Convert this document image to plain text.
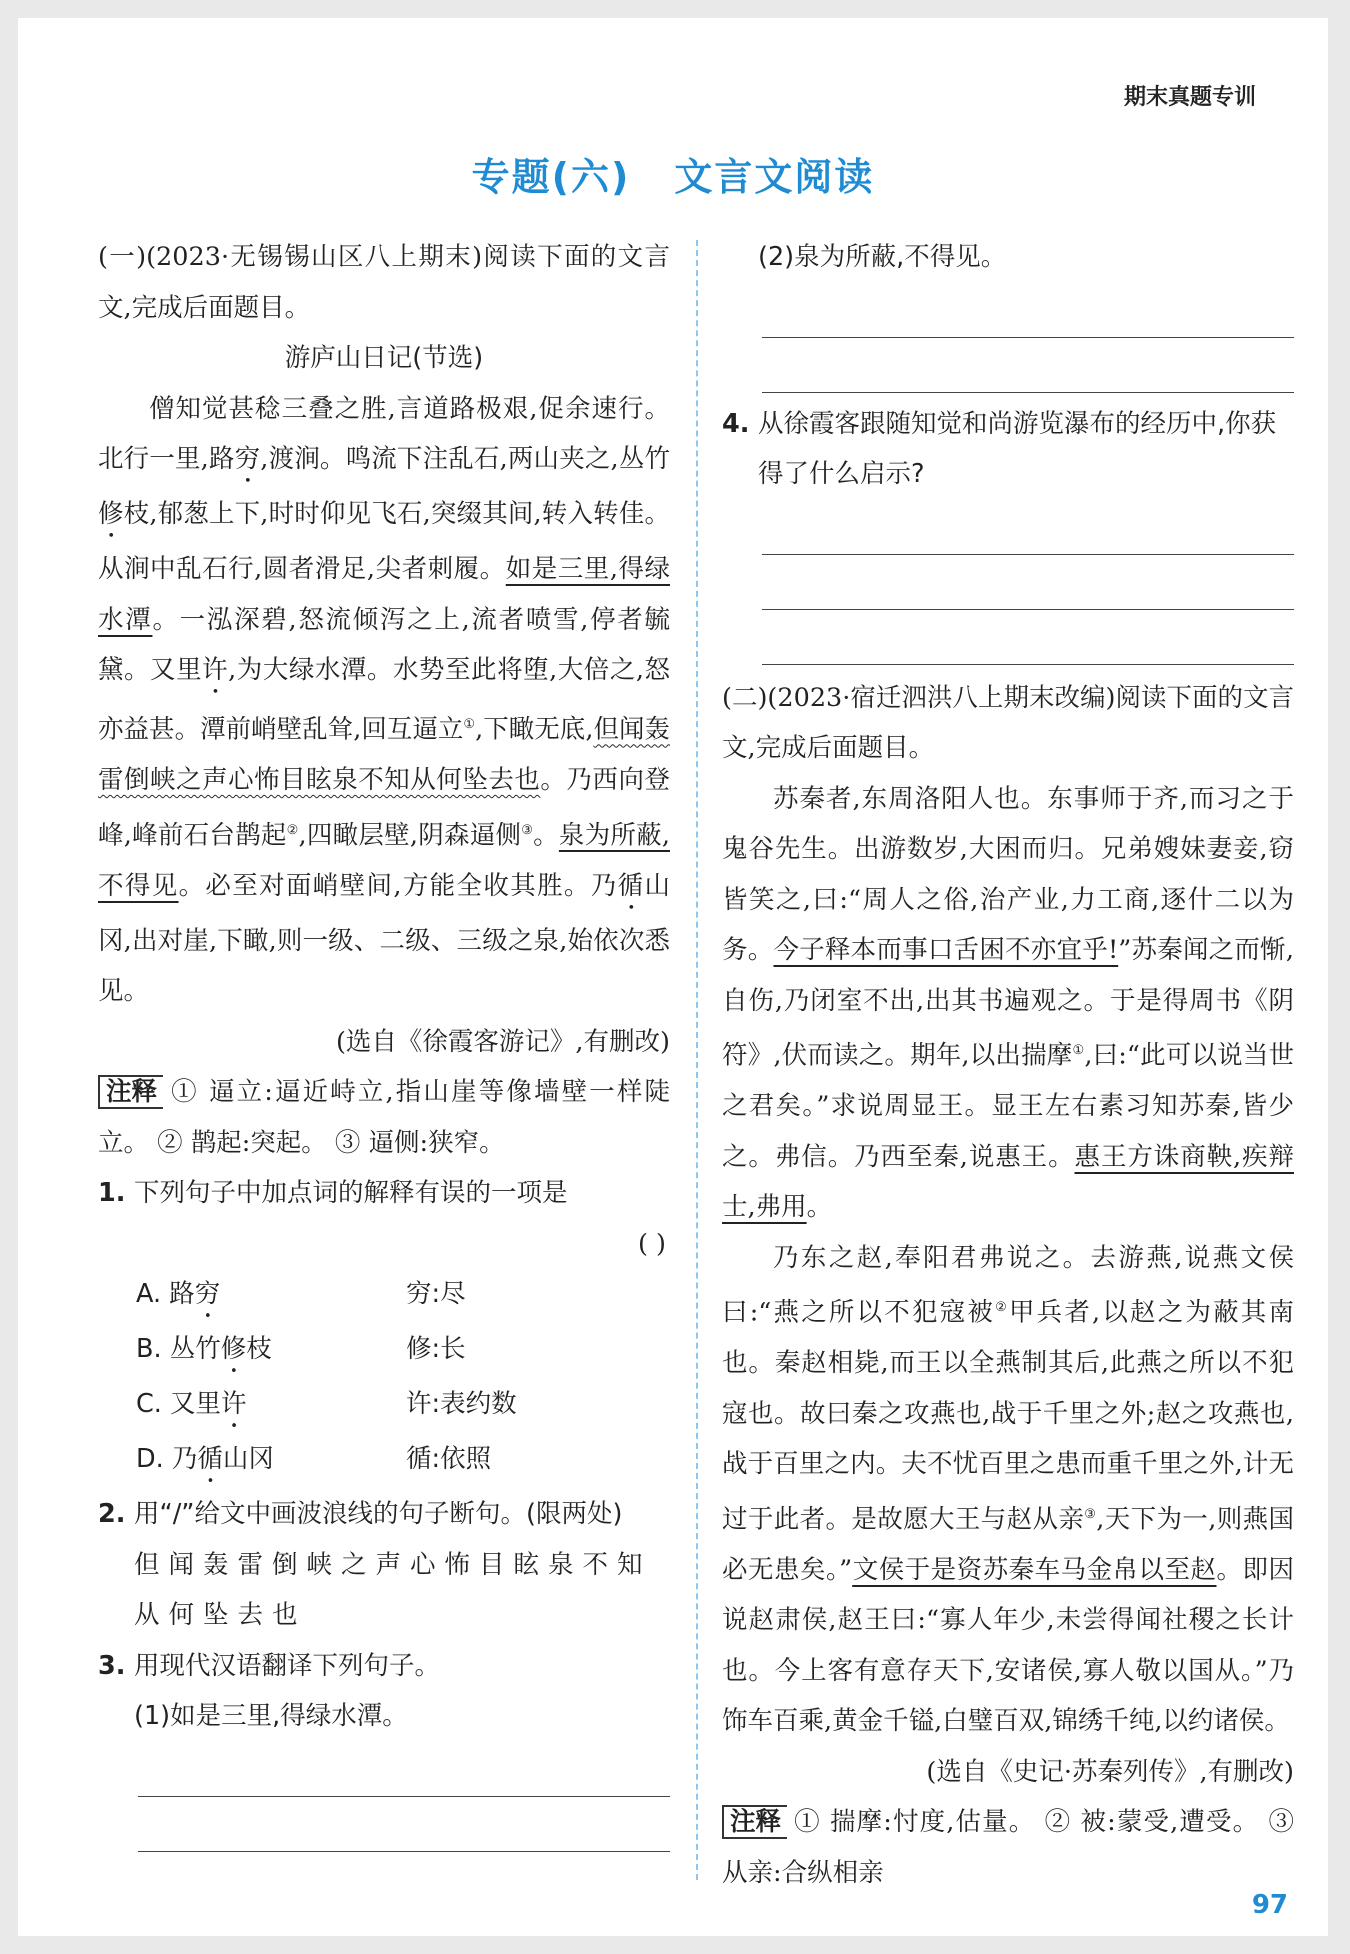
期末真题专训
专题(六) 文言文阅读

(一)(2023·无锡锡山区八上期末)阅读下面的文言文,完成后面题目。

游庐山日记(节选)

僧知觉甚稔三叠之胜,言道路极艰,促余速行。北行一里,路穷,渡涧。鸣流下注乱石,两山夹之,丛竹修枝,郁葱上下,时时仰见飞石,突缀其间,转入转佳。从涧中乱石行,圆者滑足,尖者刺履。如是三里,得绿水潭。一泓深碧,怒流倾泻之上,流者喷雪,停者毓黛。又里许,为大绿水潭。水势至此将堕,大倍之,怒亦益甚。潭前峭壁乱耸,回互逼立①,下瞰无底,但闻轰雷倒峡之声心怖目眩泉不知从何坠去也。乃西向登峰,峰前石台鹊起②,四瞰层壁,阴森逼侧③。泉为所蔽,不得见。必至对面峭壁间,方能全收其胜。乃循山冈,出对崖,下瞰,则一级、二级、三级之泉,始依次悉见。

(选自《徐霞客游记》,有删改)

注释 ① 逼立:逼近峙立,指山崖等像墙壁一样陡立。 ② 鹊起:突起。 ③ 逼侧:狭窄。

1. 下列句子中加点词的解释有误的一项是

( )

A. 路穷	穷:尽
B. 丛竹修枝	修:长
C. 又里许	许:表约数
D. 乃循山冈	循:依照
2. 用“/”给文中画波浪线的句子断句。(限两处)

但闻轰雷倒峡之声心怖目眩泉不知从何坠去也

3. 用现代汉语翻译下列句子。

(1)如是三里,得绿水潭。

(2)泉为所蔽,不得见。

4. 从徐霞客跟随知觉和尚游览瀑布的经历中,你获得了什么启示?

(二)(2023·宿迁泗洪八上期末改编)阅读下面的文言文,完成后面题目。

苏秦者,东周洛阳人也。东事师于齐,而习之于鬼谷先生。出游数岁,大困而归。兄弟嫂妹妻妾,窃皆笑之,曰:“周人之俗,治产业,力工商,逐什二以为务。今子释本而事口舌困不亦宜乎!”苏秦闻之而惭,自伤,乃闭室不出,出其书遍观之。于是得周书《阴符》,伏而读之。期年,以出揣摩①,曰:“此可以说当世之君矣。”求说周显王。显王左右素习知苏秦,皆少之。弗信。乃西至秦,说惠王。惠王方诛商鞅,疾辩士,弗用。

乃东之赵,奉阳君弗说之。去游燕,说燕文侯曰:“燕之所以不犯寇被②甲兵者,以赵之为蔽其南也。秦赵相毙,而王以全燕制其后,此燕之所以不犯寇也。故曰秦之攻燕也,战于千里之外;赵之攻燕也,战于百里之内。夫不忧百里之患而重千里之外,计无过于此者。是故愿大王与赵从亲③,天下为一,则燕国必无患矣。”文侯于是资苏秦车马金帛以至赵。即因说赵肃侯,赵王曰:“寡人年少,未尝得闻社稷之长计也。今上客有意存天下,安诸侯,寡人敬以国从。”乃饰车百乘,黄金千镒,白璧百双,锦绣千纯,以约诸侯。

(选自《史记·苏秦列传》,有删改)

注释 ① 揣摩:忖度,估量。 ② 被:蒙受,遭受。 ③ 从亲:合纵相亲

97
